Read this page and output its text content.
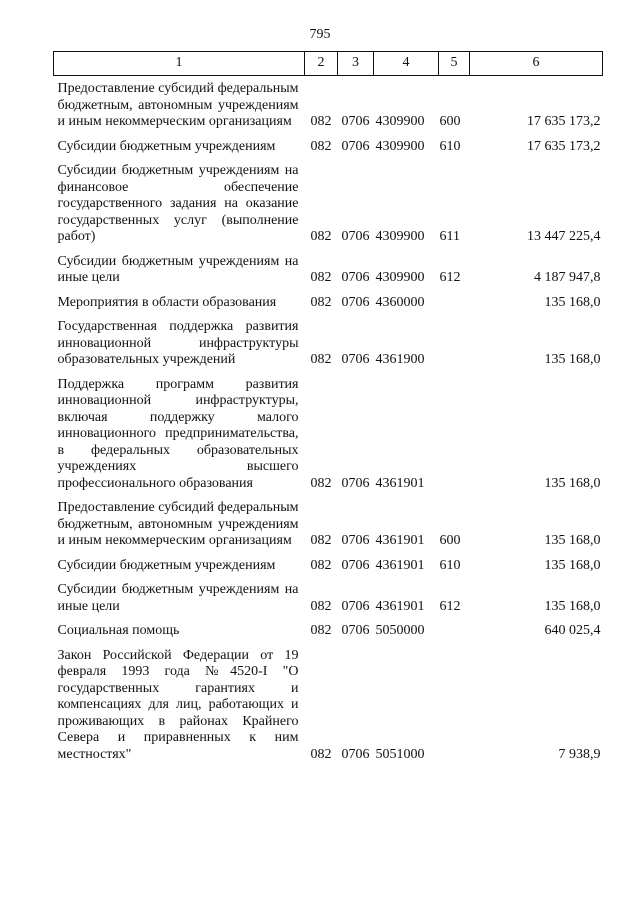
795
1	2	3	4	5	6
Предоставление субсидий федеральным бюджетным, автономным учреждениям и иным некоммерческим организациям	082	0706	4309900	600	17 635 173,2
Субсидии бюджетным учреждениям	082	0706	4309900	610	17 635 173,2
Субсидии бюджетным учреждениям на финансовое обеспечение государственного задания на оказание государственных услуг (выполнение работ)	082	0706	4309900	611	13 447 225,4
Субсидии бюджетным учреждениям на иные цели	082	0706	4309900	612	4 187 947,8
Мероприятия в области образования	082	0706	4360000		135 168,0
Государственная поддержка развития инновационной инфраструктуры образовательных учреждений	082	0706	4361900		135 168,0
Поддержка программ развития инновационной инфраструктуры, включая поддержку малого инновационного предпринимательства, в федеральных образовательных учреждениях высшего профессионального образования	082	0706	4361901		135 168,0
Предоставление субсидий федеральным бюджетным, автономным учреждениям и иным некоммерческим организациям	082	0706	4361901	600	135 168,0
Субсидии бюджетным учреждениям	082	0706	4361901	610	135 168,0
Субсидии бюджетным учреждениям на иные цели	082	0706	4361901	612	135 168,0
Социальная помощь	082	0706	5050000		640 025,4
Закон Российской Федерации от 19 февраля 1993 года №4520-I "О государственных гарантиях и компенсациях для лиц, работающих и проживающих в районах Крайнего Севера и приравненных к ним местностях"	082	0706	5051000		7 938,9
